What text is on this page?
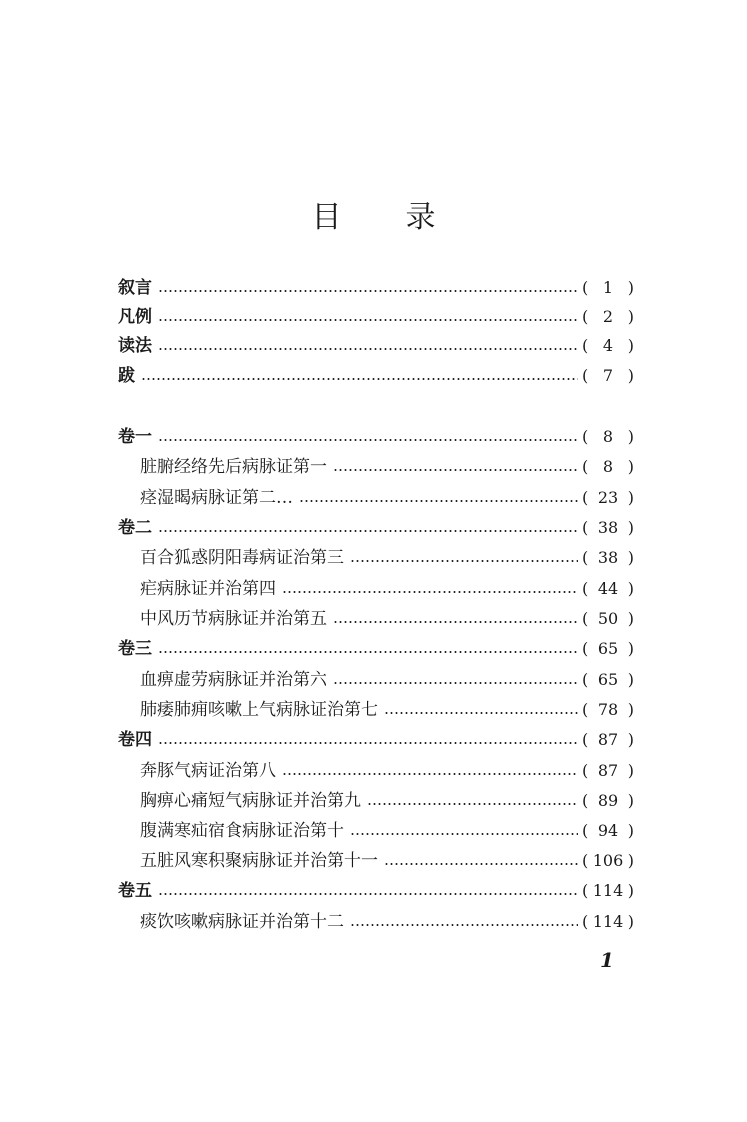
目 录
叙言	( 1 )
凡例	( 2 )
读法	( 4 )
跋	( 7 )
卷一	( 8 )
脏腑经络先后病脉证第一	( 8 )
痉湿暍病脉证第二…	( 23 )
卷二	( 38 )
百合狐惑阴阳毒病证治第三	( 38 )
疟病脉证并治第四	( 44 )
中风历节病脉证并治第五	( 50 )
卷三	( 65 )
血痹虚劳病脉证并治第六	( 65 )
肺痿肺痈咳嗽上气病脉证治第七	( 78 )
卷四	( 87 )
奔豚气病证治第八	( 87 )
胸痹心痛短气病脉证并治第九	( 89 )
腹满寒疝宿食病脉证治第十	( 94 )
五脏风寒积聚病脉证并治第十一	( 106 )
卷五	( 114 )
痰饮咳嗽病脉证并治第十二	( 114 )
1
